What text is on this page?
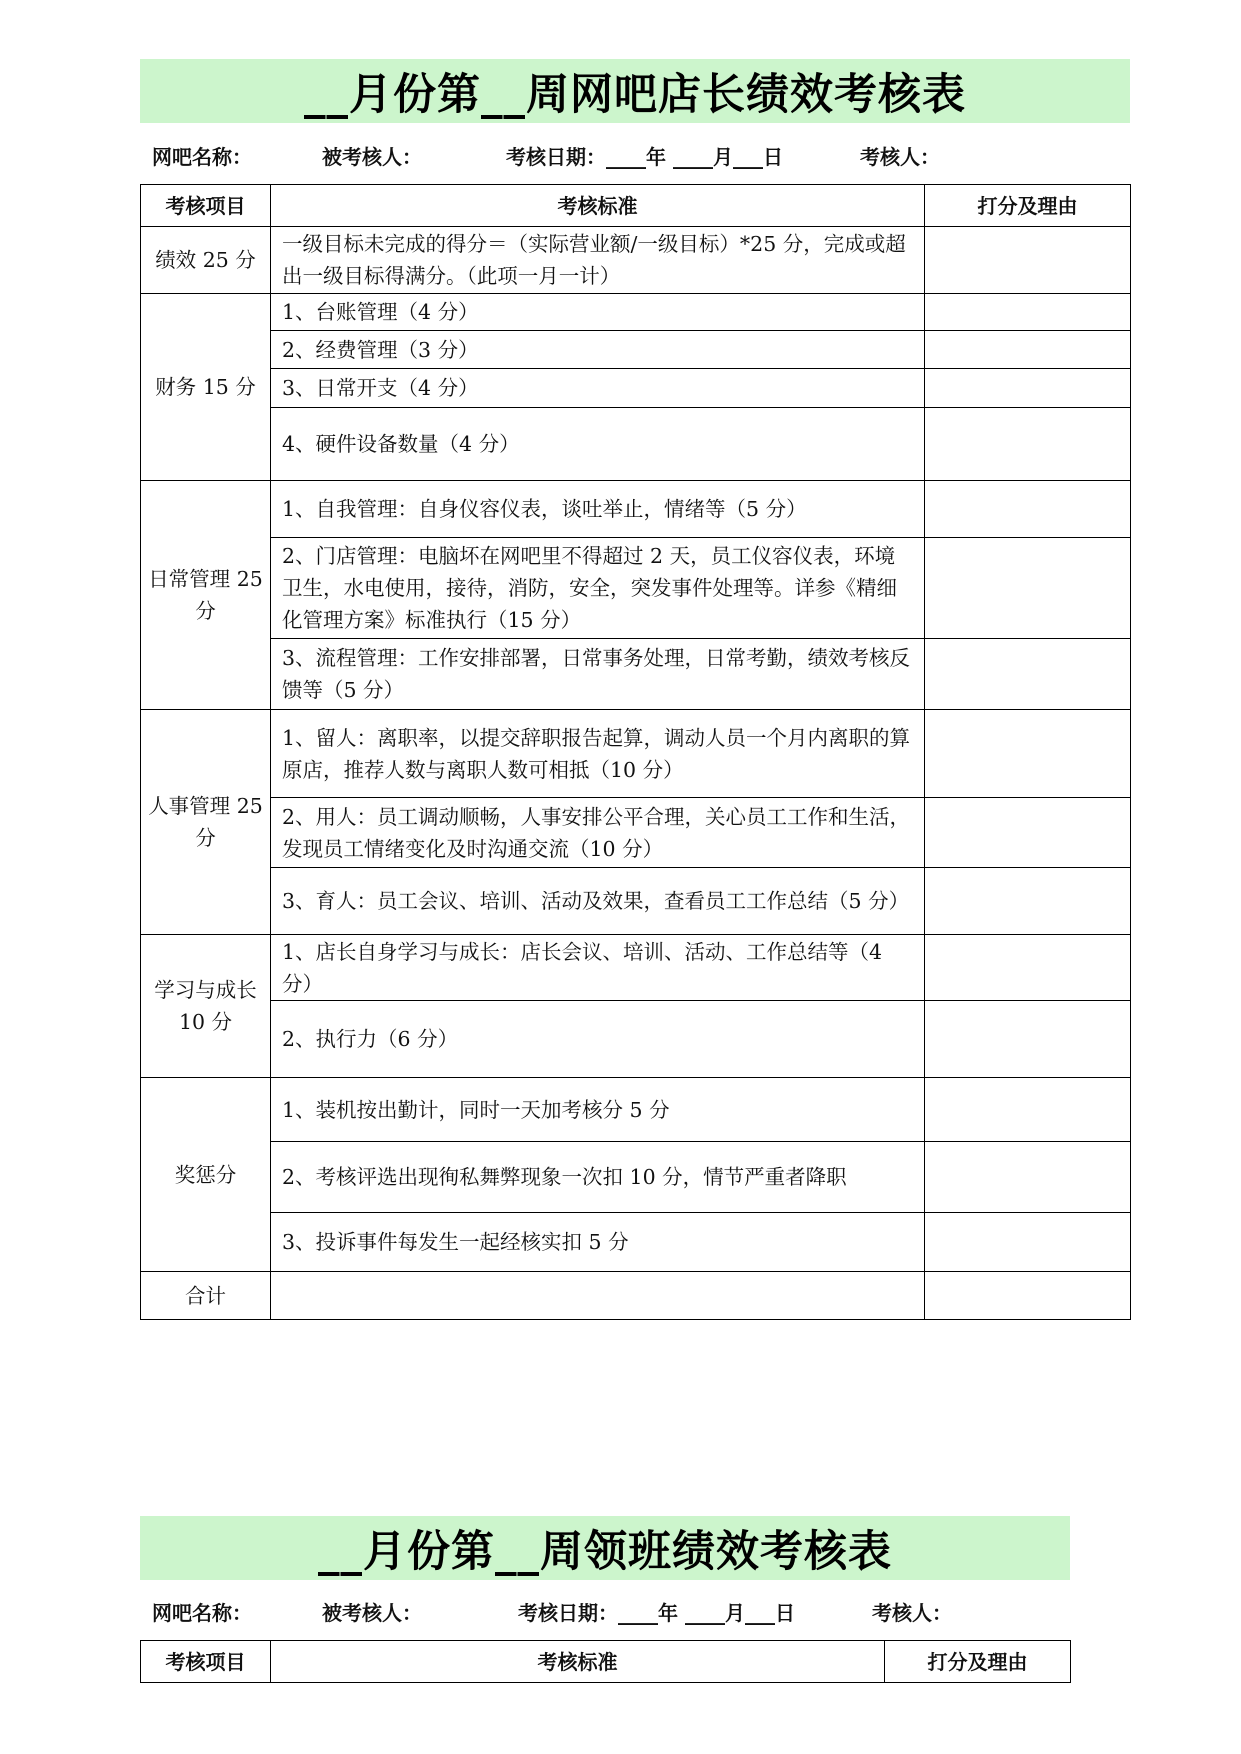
__月份第__周网吧店长绩效考核表
网吧名称：	被考核人：	考核日期：____年 ____月___日	考核人：
考核项目	考核标准	打分及理由
绩效 25 分	一级目标未完成的得分＝（实际营业额/一级目标）*25 分，完成或超出一级目标得满分。（此项一月一计）	
财务 15 分	1、台账管理（4 分）	
	2、经费管理（3 分）	
	3、日常开支（4 分）	
	4、硬件设备数量（4 分）	
日常管理 25 分	1、自我管理：自身仪容仪表，谈吐举止，情绪等（5 分）	
	2、门店管理：电脑坏在网吧里不得超过 2 天，员工仪容仪表，环境卫生，水电使用，接待，消防，安全，突发事件处理等。详参《精细化管理方案》标准执行（15 分）	
	3、流程管理：工作安排部署，日常事务处理，日常考勤，绩效考核反馈等（5 分）	
人事管理 25 分	1、留人：离职率，以提交辞职报告起算，调动人员一个月内离职的算原店，推荐人数与离职人数可相抵（10 分）	
	2、用人：员工调动顺畅，人事安排公平合理，关心员工工作和生活，发现员工情绪变化及时沟通交流（10 分）	
	3、育人：员工会议、培训、活动及效果，查看员工工作总结（5 分）	
学习与成长 10 分	1、店长自身学习与成长：店长会议、培训、活动、工作总结等（4 分）	
	2、执行力（6 分）	
奖惩分	1、装机按出勤计，同时一天加考核分 5 分	
	2、考核评选出现徇私舞弊现象一次扣 10 分，情节严重者降职	
	3、投诉事件每发生一起经核实扣 5 分	
合计		
__月份第__周领班绩效考核表
网吧名称：	被考核人：	考核日期：____年 ____月___日	考核人：
考核项目	考核标准	打分及理由
